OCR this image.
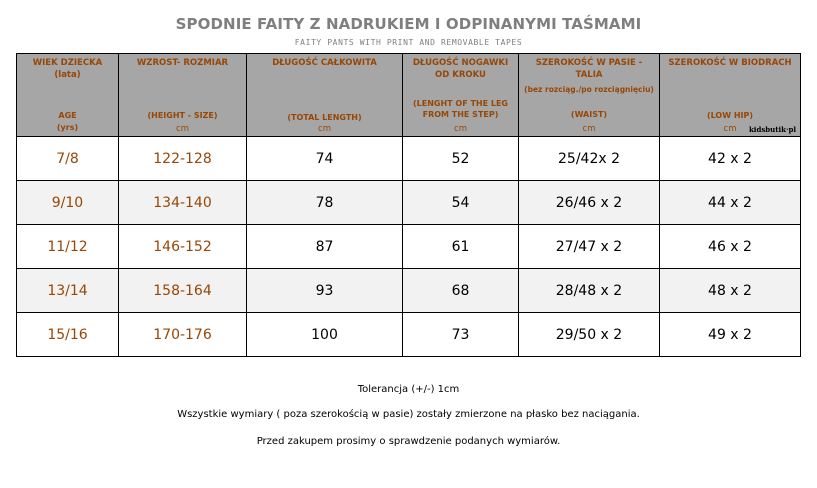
SPODNIE FAITY Z NADRUKIEM I ODPINANYMI TAŚMAMI
FAITY PANTS WITH PRINT AND REMOVABLE TAPES
WIEK DZIECKA
(lata)
AGE
(yrs)	WZROST- ROZMIAR
(HEIGHT - SIZE)
cm	DŁUGOŚĆ CAŁKOWITA
(TOTAL LENGTH)
cm	DŁUGOŚĆ NOGAWKI
OD KROKU
(LENGHT OF THE LEG
FROM THE STEP)
cm	SZEROKOŚĆ W PASIE -
TALIA
(bez rozciąg./po rozciągnięciu)
(WAIST)
cm	SZEROKOŚĆ W BIODRACH
(LOW HIP)
cm kidsbutik·pl

7/8	122-128	74	52	25/42x 2	42 x 2
9/10	134-140	78	54	26/46 x 2	44 x 2
11/12	146-152	87	61	27/47 x 2	46 x 2
13/14	158-164	93	68	28/48 x 2	48 x 2
15/16	170-176	100	73	29/50 x 2	49 x 2
Tolerancja (+/-) 1cm
Wszystkie wymiary ( poza szerokością w pasie) zostały zmierzone na płasko bez naciągania.
Przed zakupem prosimy o sprawdzenie podanych wymiarów.
